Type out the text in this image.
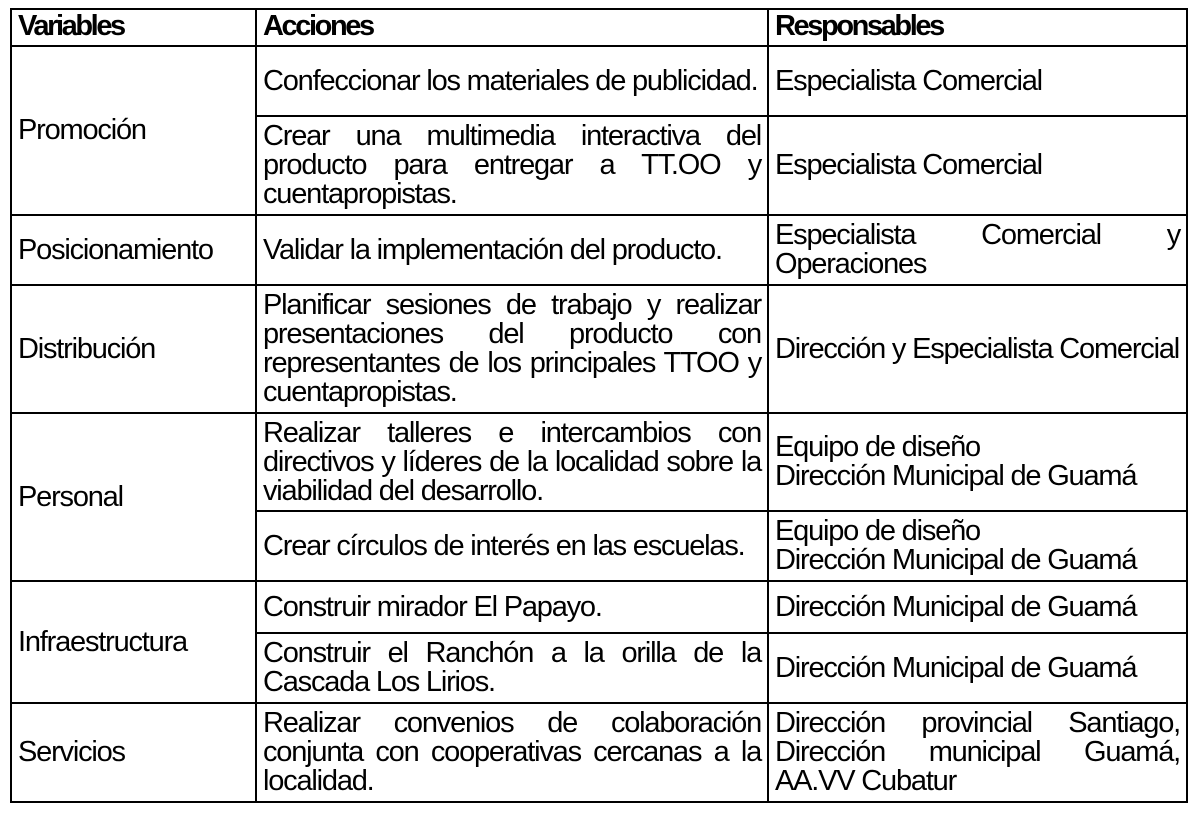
Variables	Acciones	Responsables
Promoción	Confeccionar los materiales de publicidad.	Especialista Comercial
	Crear una multimedia interactiva del producto para entregar a TT.OO y cuentapropistas.	Especialista Comercial
Posicionamiento	Validar la implementación del producto.	Especialista Comercial y Operaciones
Distribución	Planificar sesiones de trabajo y realizar presentaciones del producto con representantes de los principales TTOO y cuentapropistas.	Dirección y Especialista Comercial
Personal	Realizar talleres e intercambios con directivos y líderes de la localidad sobre la viabilidad del desarrollo.	Equipo de diseño
Dirección Municipal de Guamá

	Crear círculos de interés en las escuelas.	Equipo de diseño
Dirección Municipal de Guamá

Infraestructura	Construir mirador El Papayo.	Dirección Municipal de Guamá
	Construir el Ranchón a la orilla de la Cascada Los Lirios.	Dirección Municipal de Guamá
Servicios	Realizar convenios de colaboración conjunta con cooperativas cercanas a la localidad.	Dirección provincial Santiago,
Dirección municipal Guamá,
AA.VV Cubatur
